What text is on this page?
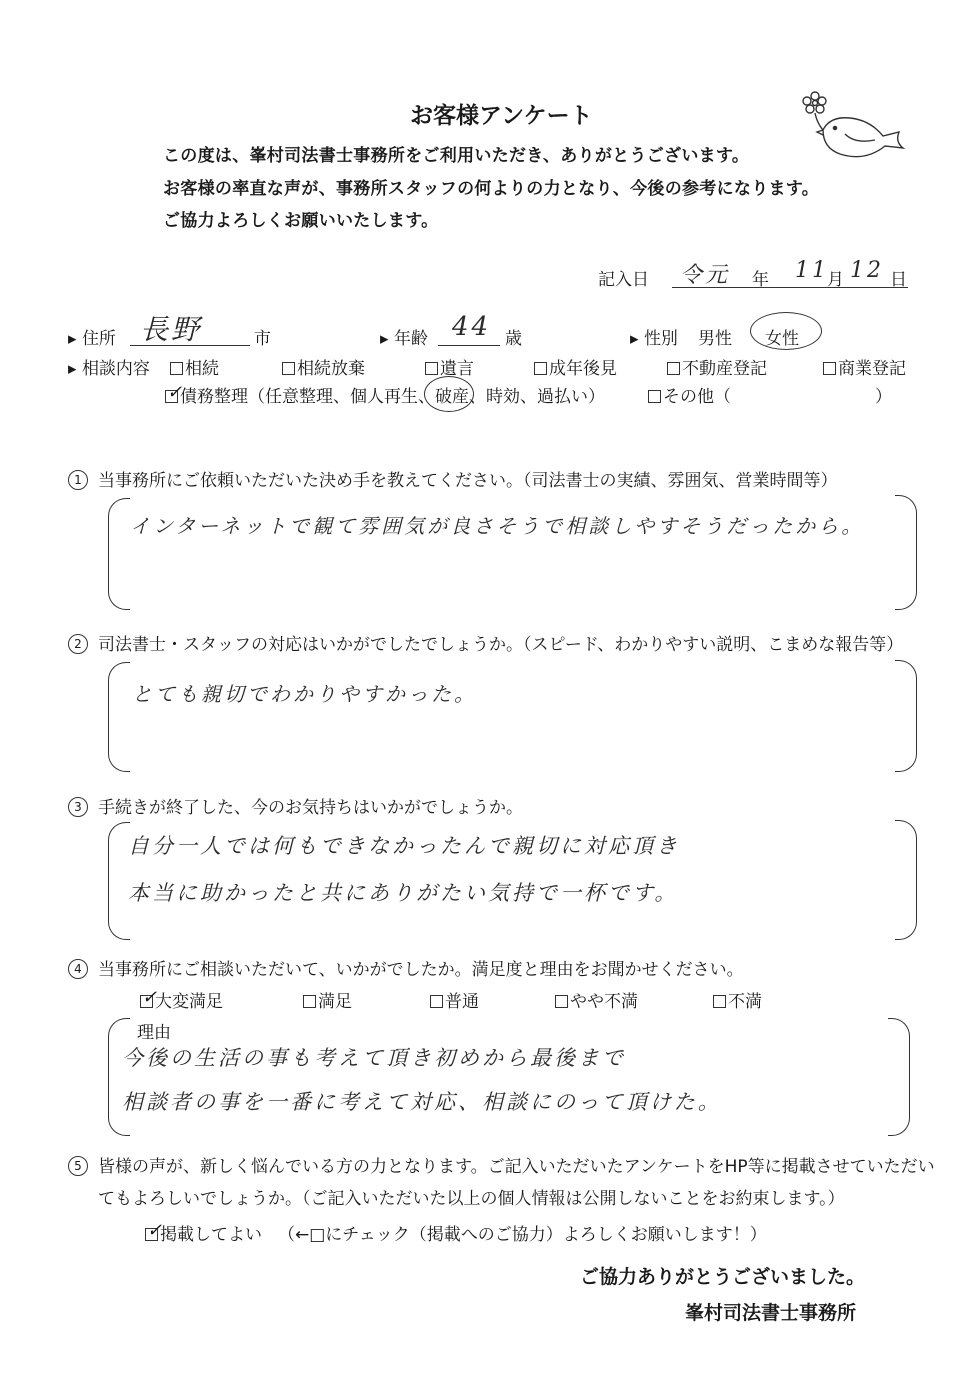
お客様アンケート
この度は、峯村司法書士事務所をご利用いただき、ありがとうございます。
お客様の率直な声が、事務所スタッフの何よりの力となり、今後の参考になります。
ご協力よろしくお願いいたします。
記入日 令元 年 11
月 12 日
▸ 住所 長野	市	▸ 年齢 44 歳	▸ 性別 男性 女性
▸ 相談内容	相続	相続放棄	遺言	成年後見	不動産登記	商業登記
✓
債務整理（任意整理、個人再生、破産、時効、過払い）	その他（	）
1 当事務所にご依頼いただいた決め手を教えてください。（司法書士の実績、雰囲気、営業時間等）
インターネットで観て雰囲気が良さそうで相談しやすそうだったから。
2 司法書士・スタッフの対応はいかがでしたでしょうか。（スピード、わかりやすい説明、こまめな報告等）
とても親切でわかりやすかった。
3 手続きが終了した、今のお気持ちはいかがでしょうか。
自分一人では何もできなかったんで親切に対応頂き
本当に助かったと共にありがたい気持で一杯です。
4 当事務所にご相談いただいて、いかがでしたか。満足度と理由をお聞かせください。
✓
大変満足	満足	普通	やや不満	不満
理由
今後の生活の事も考えて頂き初めから最後まで
相談者の事を一番に考えて対応、相談にのって頂けた。
5 皆様の声が、新しく悩んでいる方の力となります。ご記入いただいたアンケートをHP等に掲載させていただい
てもよろしいでしょうか。（ご記入いただいた以上の個人情報は公開しないことをお約束します。）
✓
掲載してよい （←□にチェック（掲載へのご協力）よろしくお願いします！）
ご協力ありがとうございました。
峯村司法書士事務所
